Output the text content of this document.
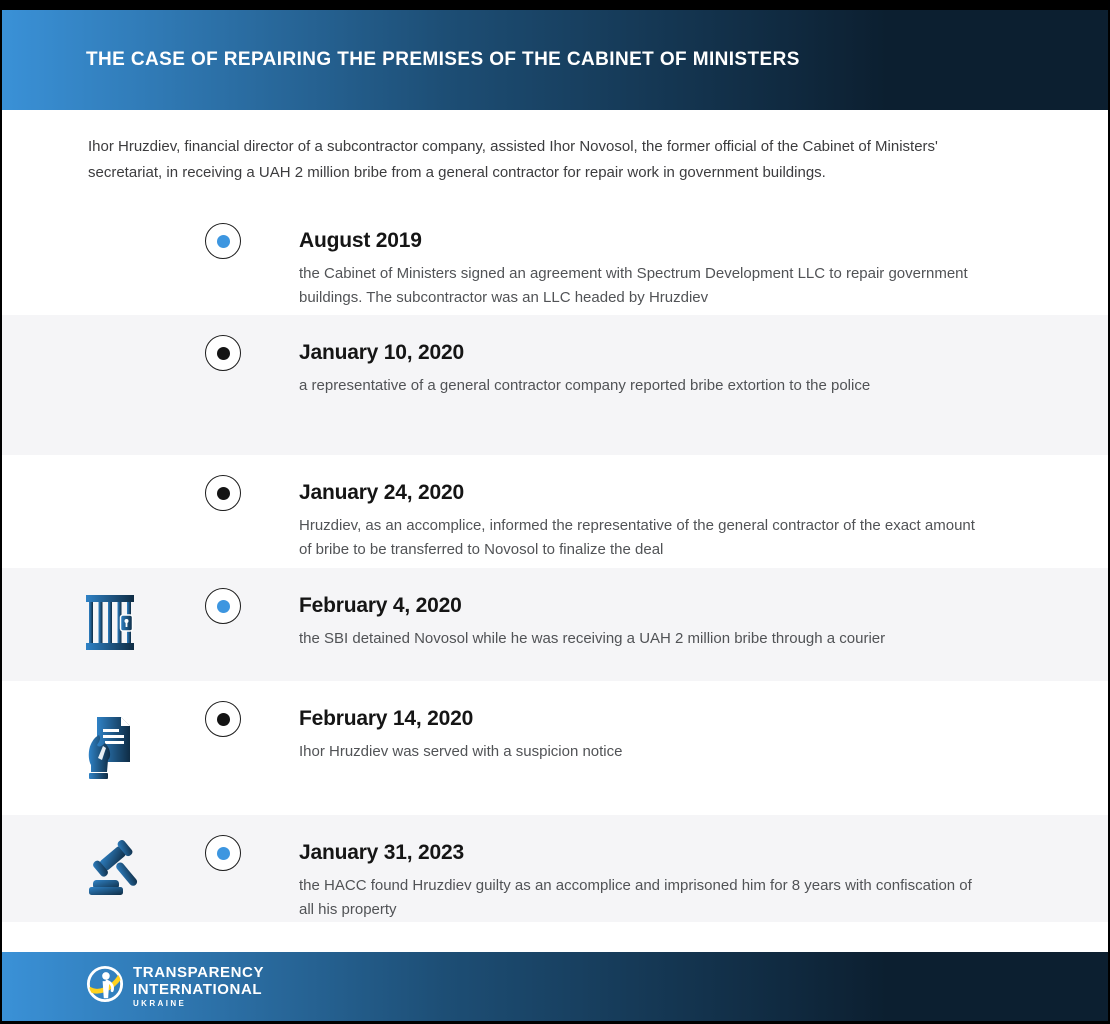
THE CASE OF REPAIRING THE PREMISES OF THE CABINET OF MINISTERS
Ihor Hruzdiev, financial director of a subcontractor company, assisted Ihor Novosol, the former official of the Cabinet of Ministers' secretariat, in receiving a UAH 2 million bribe from a general contractor for repair work in government buildings.
August 2019

the Cabinet of Ministers signed an agreement with Spectrum Development LLC to repair government buildings. The subcontractor was an LLC headed by Hruzdiev

January 10, 2020

a representative of a general contractor company reported bribe extortion to the police

January 24, 2020

Hruzdiev, as an accomplice, informed the representative of the general contractor of the exact amount of bribe to be transferred to Novosol to finalize the deal

February 4, 2020

the SBI detained Novosol while he was receiving a UAH 2 million bribe through a courier

February 14, 2020

Ihor Hruzdiev was served with a suspicion notice

January 31, 2023

the HACC found Hruzdiev guilty as an accomplice and imprisoned him for 8 years with confiscation of all his property

TRANSPARENCY
INTERNATIONAL
UKRAINE
